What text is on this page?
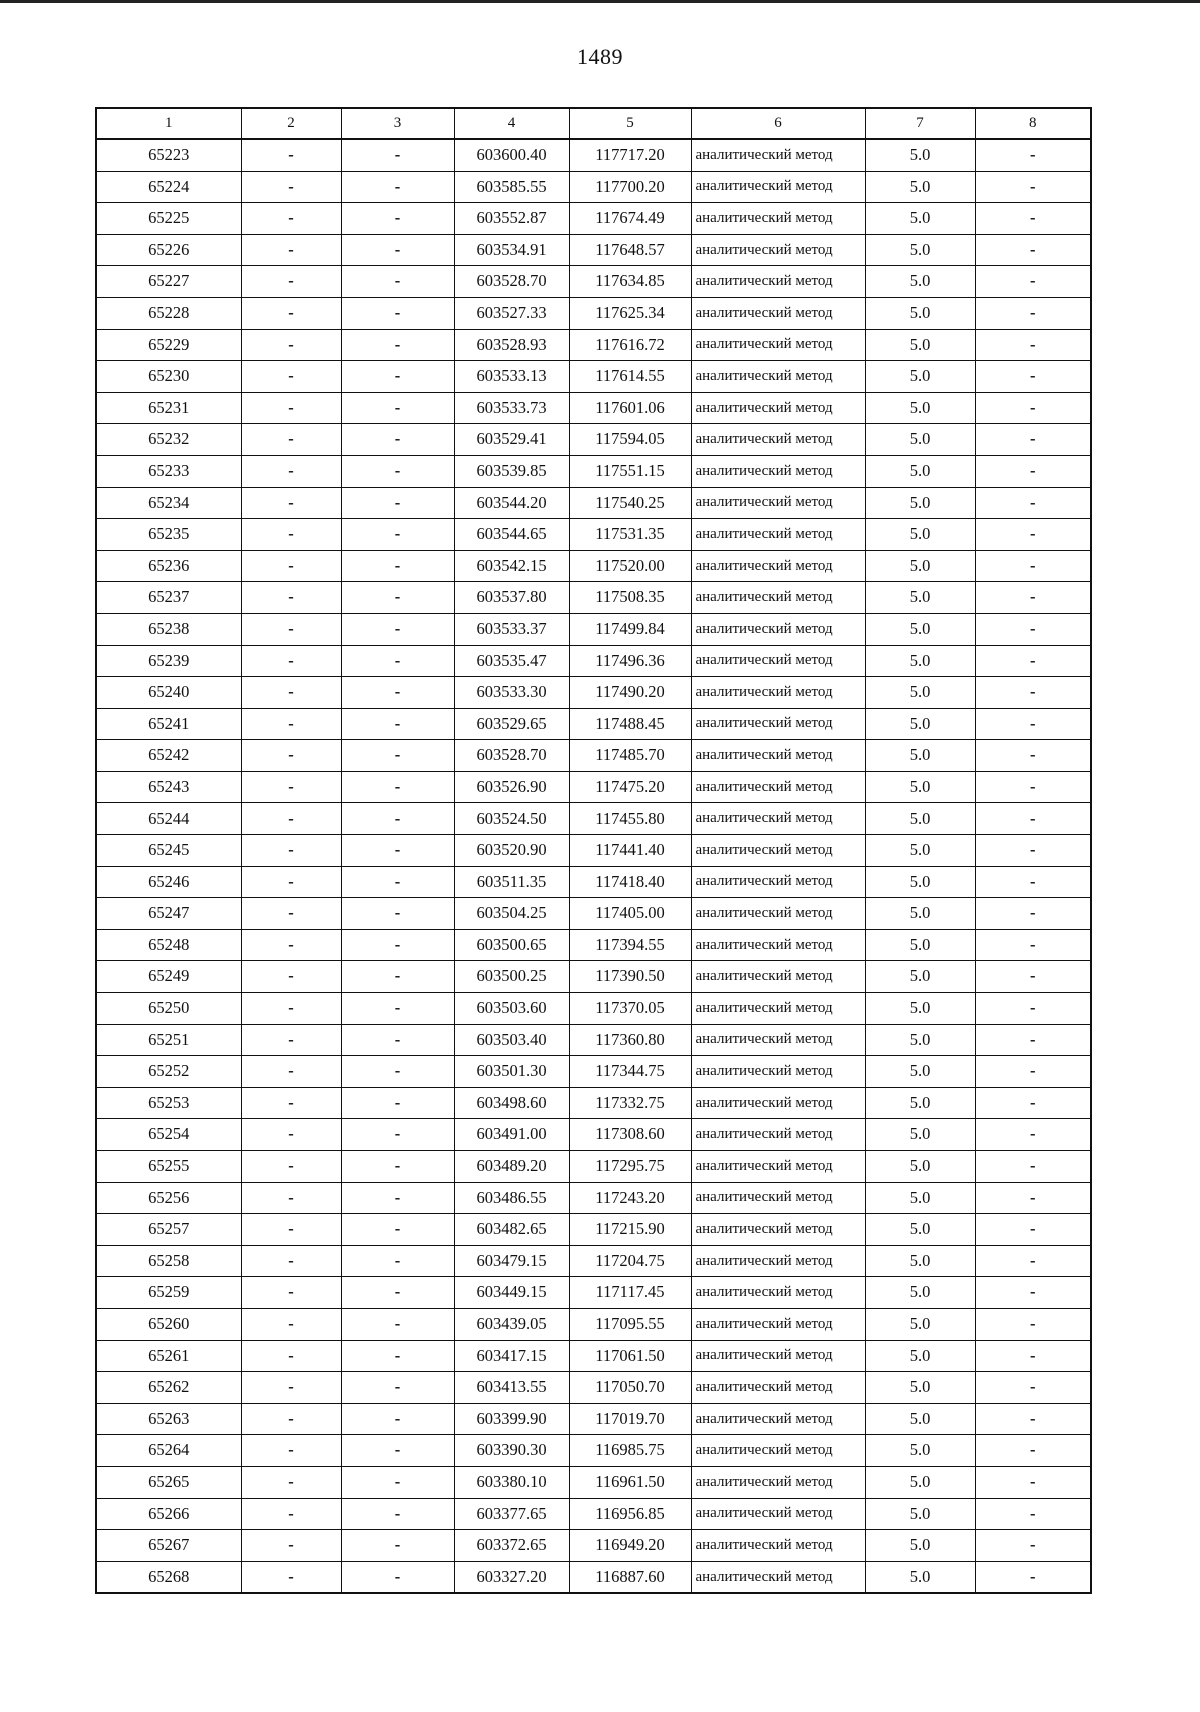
1489
1	2	3	4	5	6	7	8
65223	-	-	603600.40	117717.20	аналитический метод	5.0	-
65224	-	-	603585.55	117700.20	аналитический метод	5.0	-
65225	-	-	603552.87	117674.49	аналитический метод	5.0	-
65226	-	-	603534.91	117648.57	аналитический метод	5.0	-
65227	-	-	603528.70	117634.85	аналитический метод	5.0	-
65228	-	-	603527.33	117625.34	аналитический метод	5.0	-
65229	-	-	603528.93	117616.72	аналитический метод	5.0	-
65230	-	-	603533.13	117614.55	аналитический метод	5.0	-
65231	-	-	603533.73	117601.06	аналитический метод	5.0	-
65232	-	-	603529.41	117594.05	аналитический метод	5.0	-
65233	-	-	603539.85	117551.15	аналитический метод	5.0	-
65234	-	-	603544.20	117540.25	аналитический метод	5.0	-
65235	-	-	603544.65	117531.35	аналитический метод	5.0	-
65236	-	-	603542.15	117520.00	аналитический метод	5.0	-
65237	-	-	603537.80	117508.35	аналитический метод	5.0	-
65238	-	-	603533.37	117499.84	аналитический метод	5.0	-
65239	-	-	603535.47	117496.36	аналитический метод	5.0	-
65240	-	-	603533.30	117490.20	аналитический метод	5.0	-
65241	-	-	603529.65	117488.45	аналитический метод	5.0	-
65242	-	-	603528.70	117485.70	аналитический метод	5.0	-
65243	-	-	603526.90	117475.20	аналитический метод	5.0	-
65244	-	-	603524.50	117455.80	аналитический метод	5.0	-
65245	-	-	603520.90	117441.40	аналитический метод	5.0	-
65246	-	-	603511.35	117418.40	аналитический метод	5.0	-
65247	-	-	603504.25	117405.00	аналитический метод	5.0	-
65248	-	-	603500.65	117394.55	аналитический метод	5.0	-
65249	-	-	603500.25	117390.50	аналитический метод	5.0	-
65250	-	-	603503.60	117370.05	аналитический метод	5.0	-
65251	-	-	603503.40	117360.80	аналитический метод	5.0	-
65252	-	-	603501.30	117344.75	аналитический метод	5.0	-
65253	-	-	603498.60	117332.75	аналитический метод	5.0	-
65254	-	-	603491.00	117308.60	аналитический метод	5.0	-
65255	-	-	603489.20	117295.75	аналитический метод	5.0	-
65256	-	-	603486.55	117243.20	аналитический метод	5.0	-
65257	-	-	603482.65	117215.90	аналитический метод	5.0	-
65258	-	-	603479.15	117204.75	аналитический метод	5.0	-
65259	-	-	603449.15	117117.45	аналитический метод	5.0	-
65260	-	-	603439.05	117095.55	аналитический метод	5.0	-
65261	-	-	603417.15	117061.50	аналитический метод	5.0	-
65262	-	-	603413.55	117050.70	аналитический метод	5.0	-
65263	-	-	603399.90	117019.70	аналитический метод	5.0	-
65264	-	-	603390.30	116985.75	аналитический метод	5.0	-
65265	-	-	603380.10	116961.50	аналитический метод	5.0	-
65266	-	-	603377.65	116956.85	аналитический метод	5.0	-
65267	-	-	603372.65	116949.20	аналитический метод	5.0	-
65268	-	-	603327.20	116887.60	аналитический метод	5.0	-
